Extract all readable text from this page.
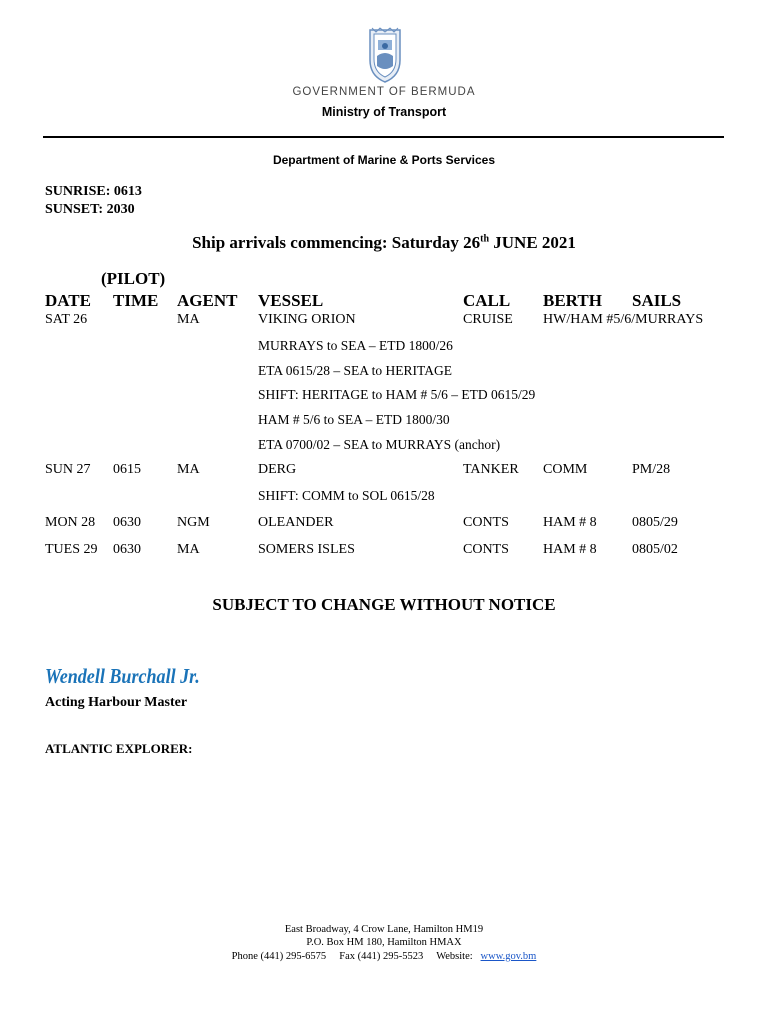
GOVERNMENT OF BERMUDA
Ministry of Transport
Department of Marine & Ports Services
SUNRISE: 0613
SUNSET: 2030
Ship arrivals commencing: Saturday 26th JUNE 2021
(PILOT)
DATE TIME AGENT VESSEL	CALL BERTH SAILS
SAT 26	MA	VIKING ORION	CRUISE HW/HAM #5/6/MURRAYS
MURRAYS to SEA – ETD 1800/26
ETA 0615/28 – SEA to HERITAGE
SHIFT: HERITAGE to HAM # 5/6 – ETD 0615/29
HAM # 5/6 to SEA – ETD 1800/30
ETA 0700/02 – SEA to MURRAYS (anchor)
SUN 27 0615	MA	DERG	TANKER COMM	PM/28
SHIFT: COMM to SOL 0615/28
MON 28 0630	NGM	OLEANDER	CONTS HAM # 8	0805/29
TUES 29 0630	MA	SOMERS ISLES	CONTS HAM # 8	0805/02
SUBJECT TO CHANGE WITHOUT NOTICE
Wendell Burchall Jr.
Acting Harbour Master
ATLANTIC EXPLORER:
East Broadway, 4 Crow Lane, Hamilton HM19
P.O. Box HM 180, Hamilton HMAX
Phone (441) 295-6575 Fax (441) 295-5523 Website: www.gov.bm
